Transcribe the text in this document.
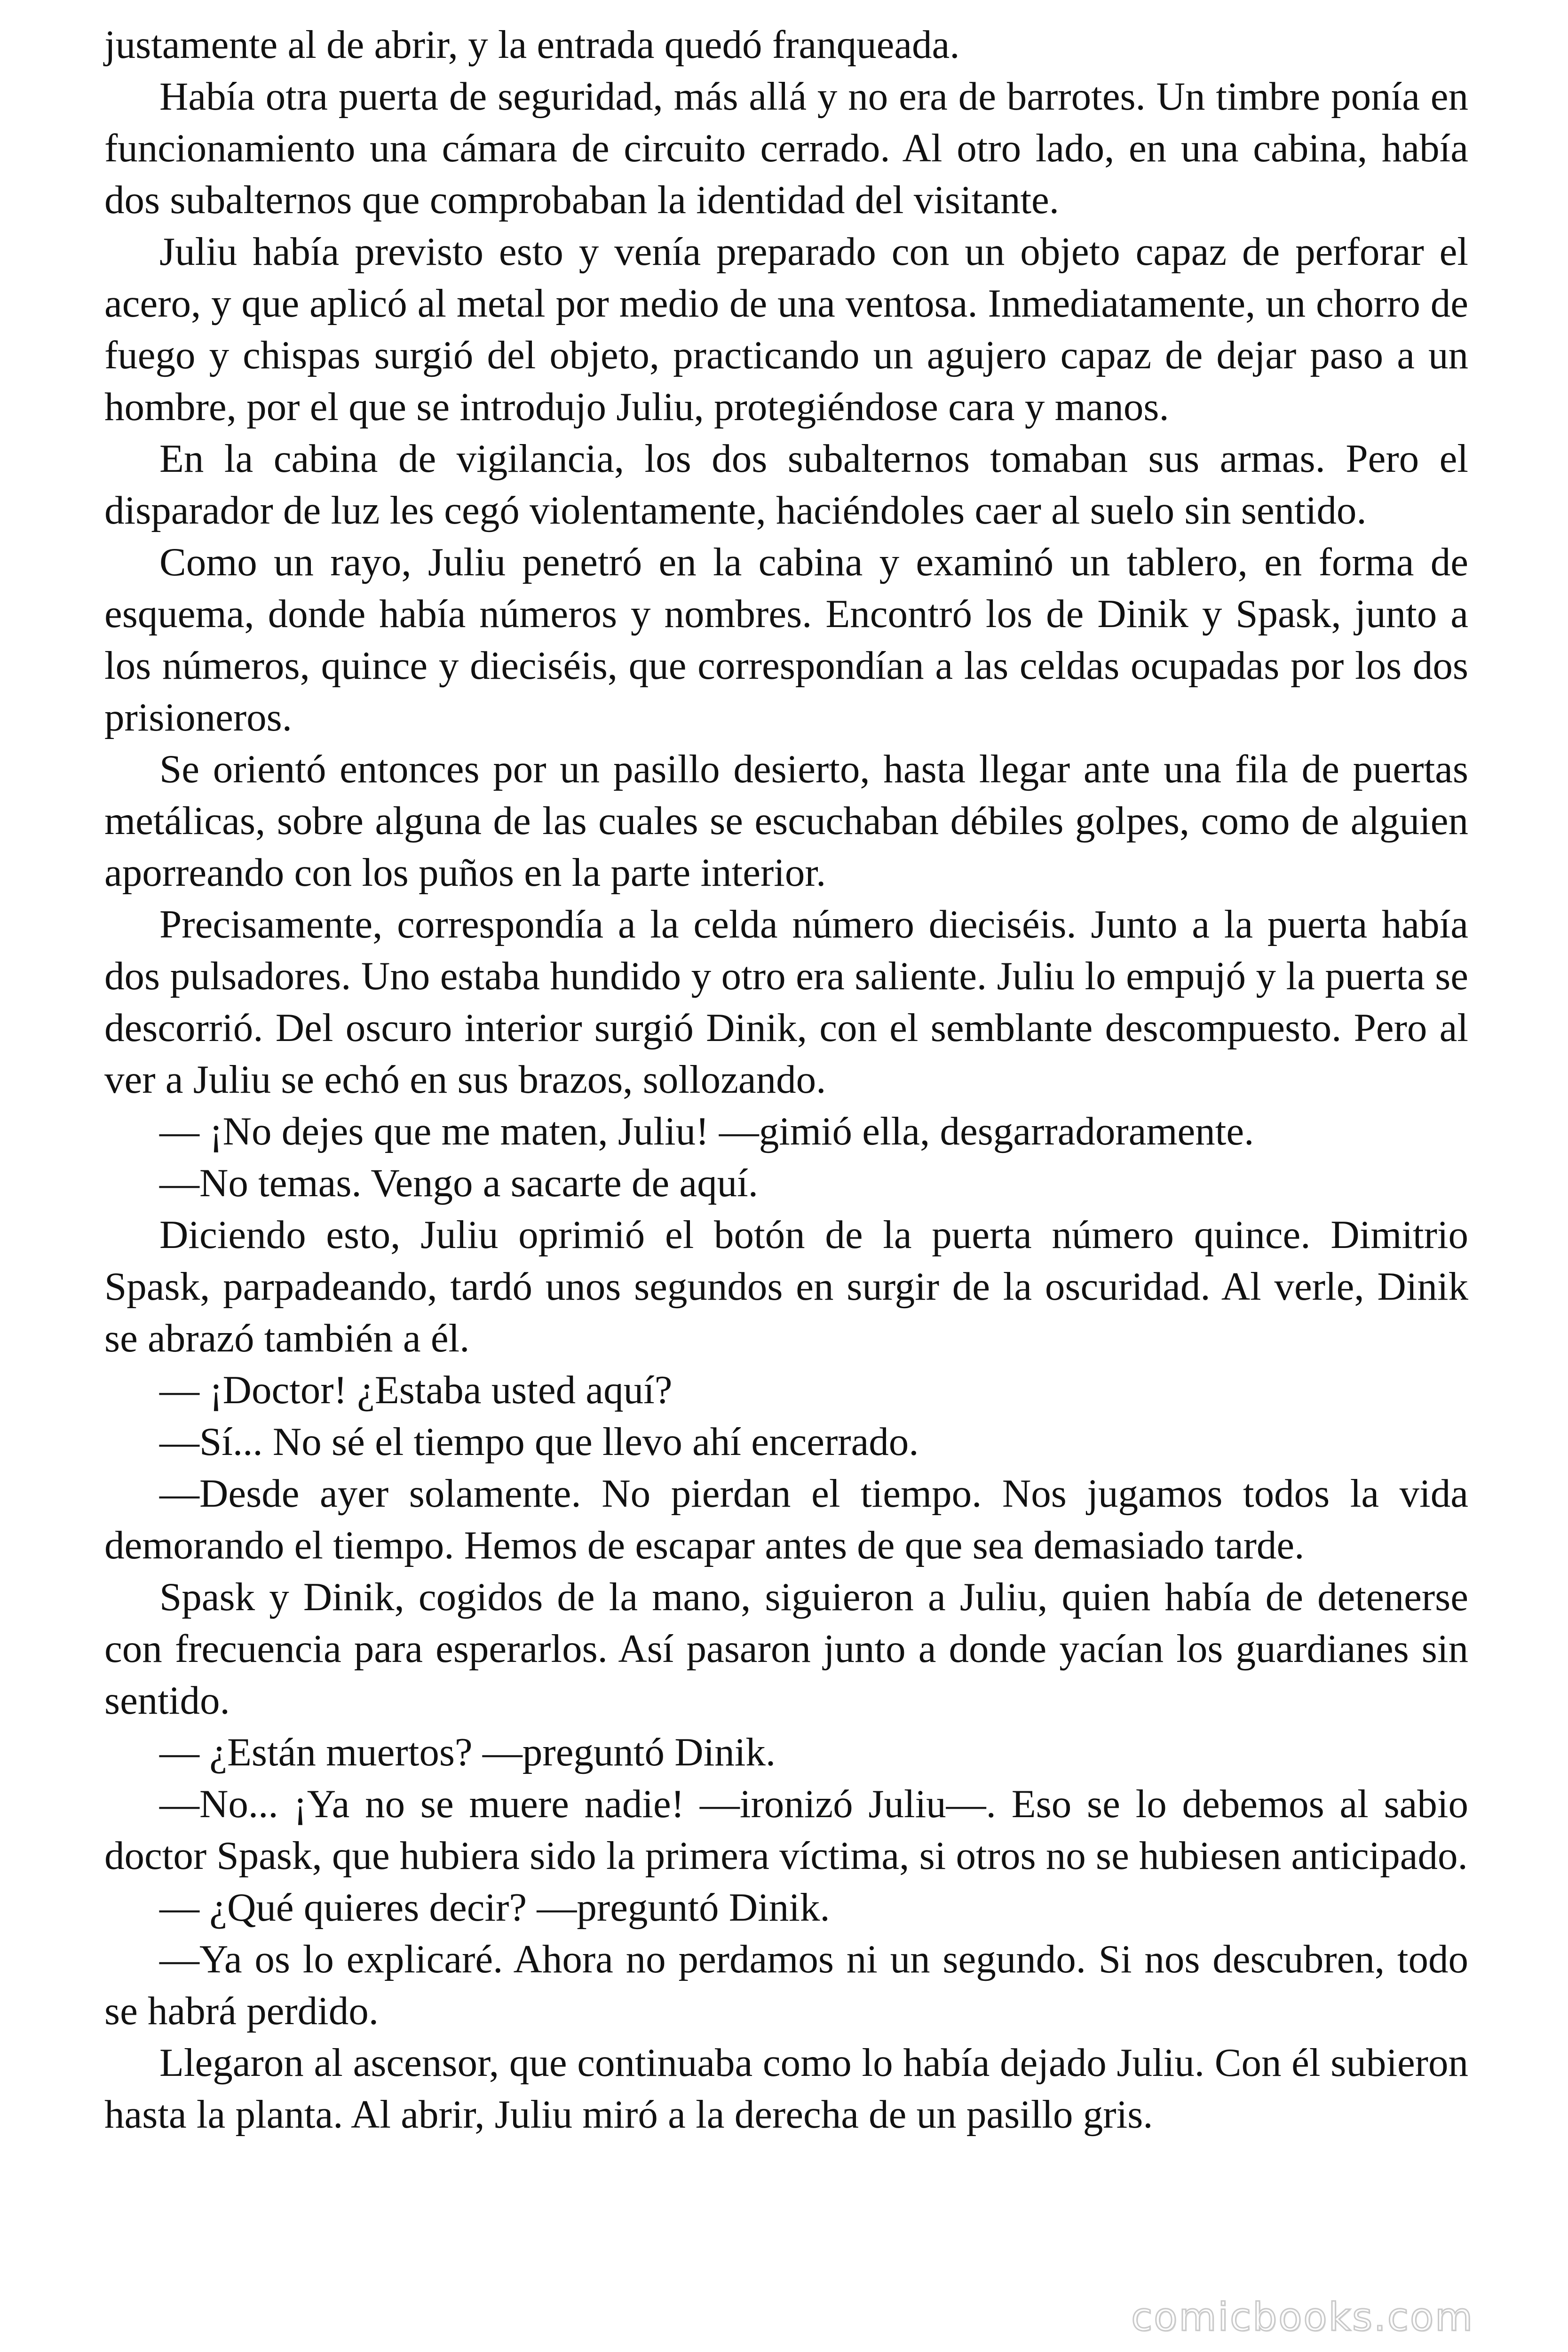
justamente al de abrir, y la entrada quedó franqueada.

Había otra puerta de seguridad, más allá y no era de barrotes. Un timbre ponía en funcionamiento una cámara de circuito cerrado. Al otro lado, en una cabina, había dos subalternos que comprobaban la identidad del visitante.

Juliu había previsto esto y venía preparado con un objeto capaz de perforar el acero, y que aplicó al metal por medio de una ventosa. Inmediatamente, un chorro de fuego y chispas surgió del objeto, practicando un agujero capaz de dejar paso a un hombre, por el que se introdujo Juliu, protegiéndose cara y manos.

En la cabina de vigilancia, los dos subalternos tomaban sus armas. Pero el disparador de luz les cegó violentamente, haciéndoles caer al suelo sin sentido.

Como un rayo, Juliu penetró en la cabina y examinó un tablero, en forma de esquema, donde había números y nombres. Encontró los de Dinik y Spask, junto a los números, quince y dieciséis, que correspondían a las celdas ocupadas por los dos prisioneros.

Se orientó entonces por un pasillo desierto, hasta llegar ante una fila de puertas metálicas, sobre alguna de las cuales se escuchaban débiles golpes, como de alguien aporreando con los puños en la parte interior.

Precisamente, correspondía a la celda número dieciséis. Junto a la puerta había dos pulsadores. Uno estaba hundido y otro era saliente. Juliu lo empujó y la puerta se descorrió. Del oscuro interior surgió Dinik, con el semblante descompuesto. Pero al ver a Juliu se echó en sus brazos, sollozando.

— ¡No dejes que me maten, Juliu! —gimió ella, desgarradoramente.

—No temas. Vengo a sacarte de aquí.

Diciendo esto, Juliu oprimió el botón de la puerta número quince. Dimitrio Spask, parpadeando, tardó unos segundos en surgir de la oscuridad. Al verle, Dinik se abrazó también a él.

— ¡Doctor! ¿Estaba usted aquí?

—Sí... No sé el tiempo que llevo ahí encerrado.

—Desde ayer solamente. No pierdan el tiempo. Nos jugamos todos la vida demorando el tiempo. Hemos de escapar antes de que sea demasiado tarde.

Spask y Dinik, cogidos de la mano, siguieron a Juliu, quien había de detenerse con frecuencia para esperarlos. Así pasaron junto a donde yacían los guardianes sin sentido.

— ¿Están muertos? —preguntó Dinik.

—No... ¡Ya no se muere nadie! —ironizó Juliu—. Eso se lo debemos al sabio doctor Spask, que hubiera sido la primera víctima, si otros no se hubiesen anticipado.

— ¿Qué quieres decir? —preguntó Dinik.

—Ya os lo explicaré. Ahora no perdamos ni un segundo. Si nos descubren, todo se habrá perdido.

Llegaron al ascensor, que continuaba como lo había dejado Juliu. Con él subieron hasta la planta. Al abrir, Juliu miró a la derecha de un pasillo gris.

comicbooks.com
